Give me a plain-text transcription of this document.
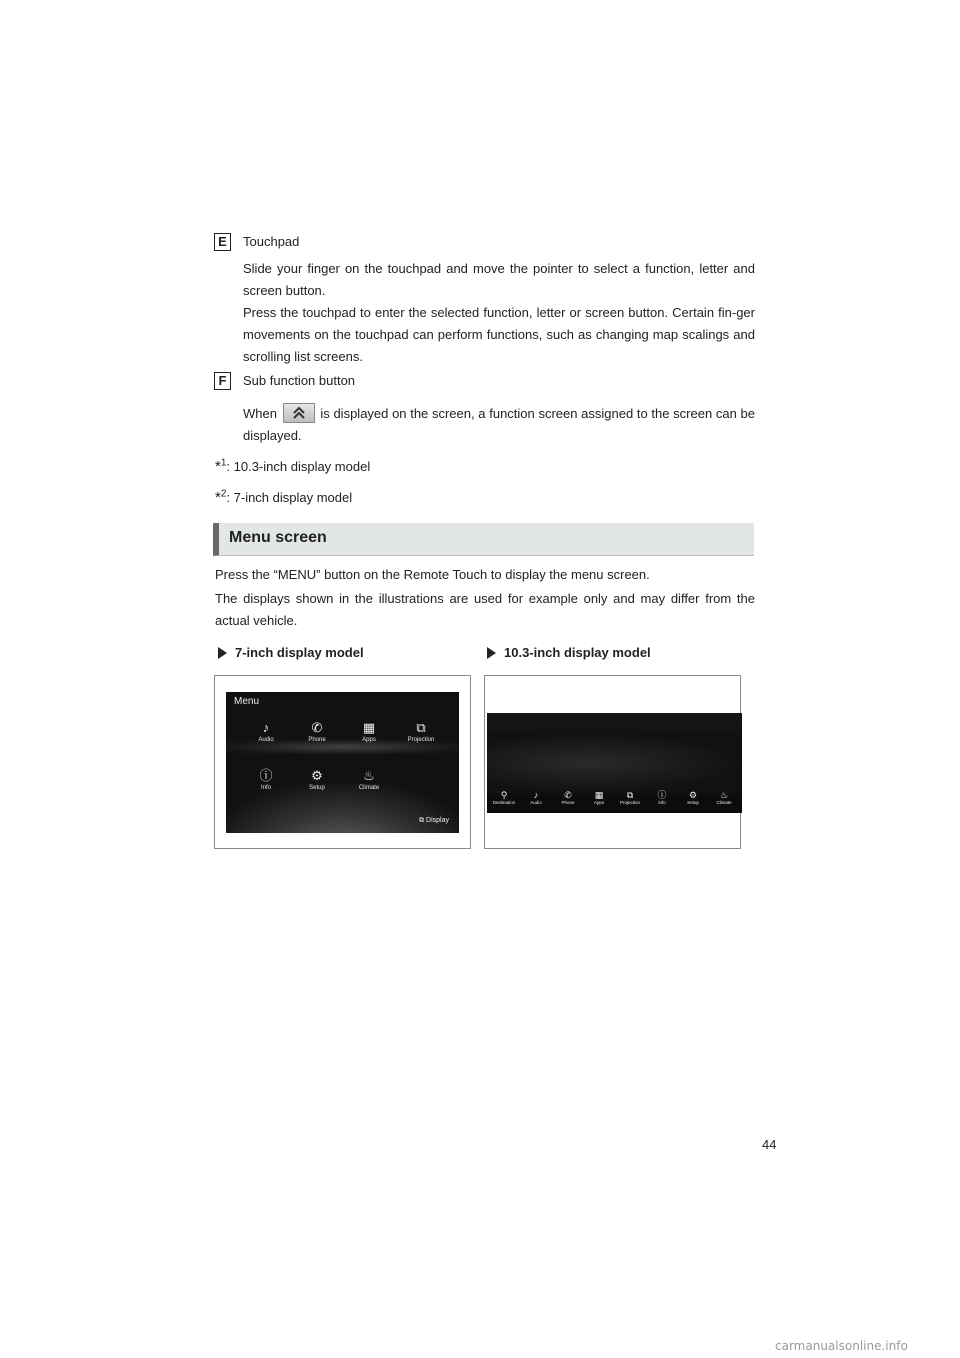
E	Touchpad
Slide your finger on the touchpad and move the pointer to select a function, letter and screen button.
Press the touchpad to enter the selected function, letter or screen button. Certain fin-ger movements on the touchpad can perform functions, such as changing map scalings and scrolling list screens.
F	Sub function button
When	is displayed on the screen, a function screen assigned to the screen can be displayed.
*$^1$: 10.3-inch display model
*$^2$: 7-inch display model
Menu screen
Press the “MENU” button on the Remote Touch to display the menu screen.
The displays shown in the illustrations are used for example only and may differ from the actual vehicle.
7-inch display model	10.3-inch display model
Menu
♪
Audio
✆
Phone
▦
Apps
⧉
Projection
ⓘ
Info
⚙
Setup
♨
Climate
⧉ Display
⚲
Destination
♪
Audio
✆
Phone
▦
Apps
⧉
Projection
ⓘ
Info
⚙
Setup
♨
Climate
44
carmanualsonline.info
